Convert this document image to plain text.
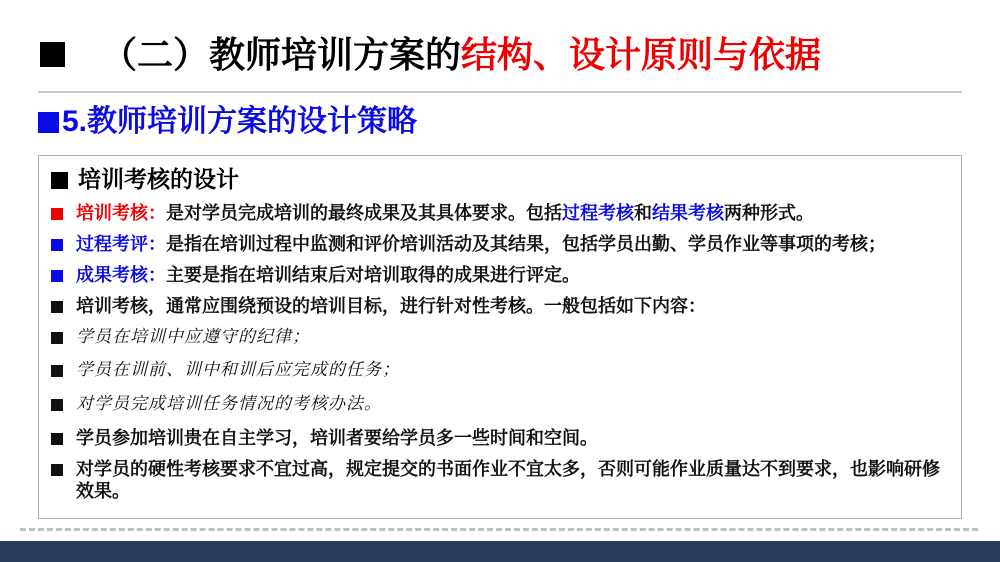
（二）教师培训方案的结构、设计原则与依据
5.教师培训方案的设计策略
培训考核的设计
培训考核：是对学员完成培训的最终成果及其具体要求。包括过程考核和结果考核两种形式。
过程考评：是指在培训过程中监测和评价培训活动及其结果，包括学员出勤、学员作业等事项的考核；
成果考核：主要是指在培训结束后对培训取得的成果进行评定。
培训考核，通常应围绕预设的培训目标，进行针对性考核。一般包括如下内容：
学员在培训中应遵守的纪律；
学员在训前、训中和训后应完成的任务；
对学员完成培训任务情况的考核办法。
学员参加培训贵在自主学习，培训者要给学员多一些时间和空间。
对学员的硬性考核要求不宜过高，规定提交的书面作业不宜太多，否则可能作业质量达不到要求，也影响研修效果。
